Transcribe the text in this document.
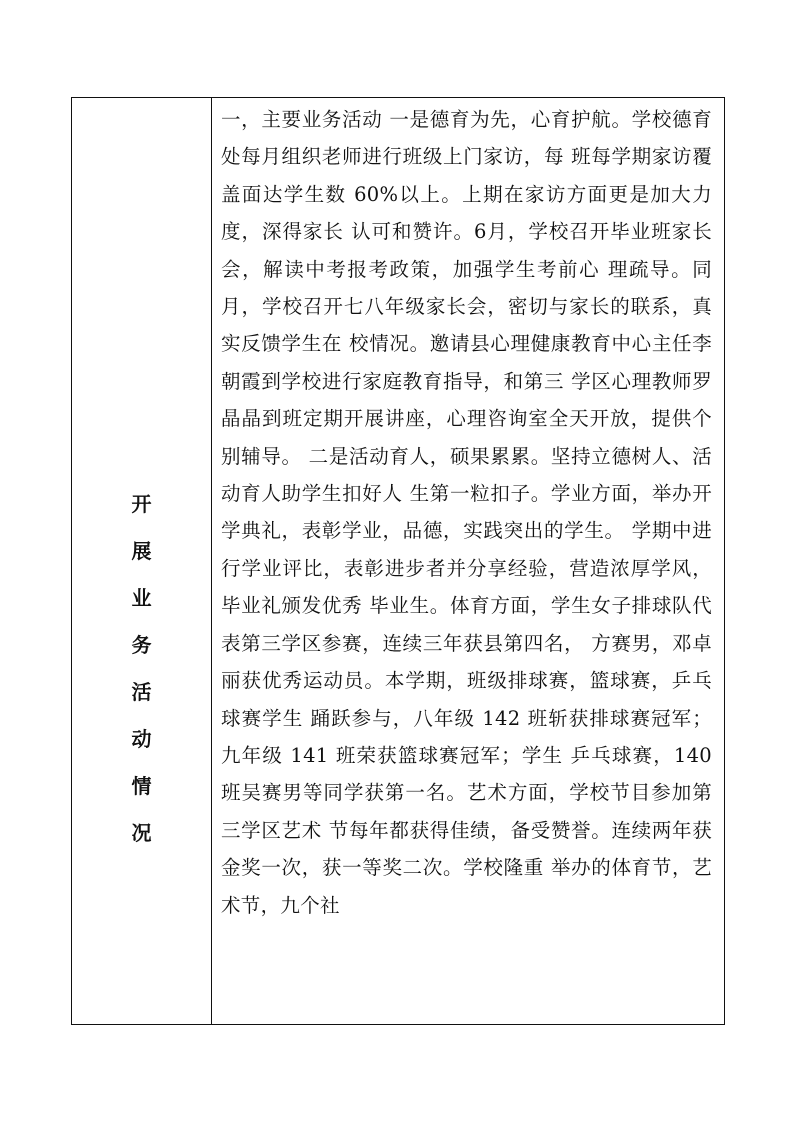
开
展
业
务
活
动
情
况

一，主要业务活动 一是德育为先，心育护航。学校德育处每月组织老师进行班级上门家访，每 班每学期家访覆盖面达学生数 60%以上。上期在家访方面更是加大力度，深得家长 认可和赞许。6月，学校召开毕业班家长会，解读中考报考政策，加强学生考前心 理疏导。同月，学校召开七八年级家长会，密切与家长的联系，真实反馈学生在 校情况。邀请县心理健康教育中心主任李朝霞到学校进行家庭教育指导，和第三 学区心理教师罗晶晶到班定期开展讲座，心理咨询室全天开放，提供个别辅导。 二是活动育人，硕果累累。坚持立德树人、活动育人助学生扣好人 生第一粒扣子。学业方面，举办开学典礼，表彰学业，品德，实践突出的学生。 学期中进行学业评比，表彰进步者并分享经验，营造浓厚学风，毕业礼颁发优秀 毕业生。体育方面，学生女子排球队代表第三学区参赛，连续三年获县第四名， 方赛男，邓卓丽获优秀运动员。本学期，班级排球赛，篮球赛，乒乓球赛学生 踊跃参与，八年级 142 班斩获排球赛冠军；九年级 141 班荣获篮球赛冠军；学生 乒乓球赛，140 班吴赛男等同学获第一名。艺术方面，学校节目参加第三学区艺术 节每年都获得佳绩，备受赞誉。连续两年获金奖一次，获一等奖二次。学校隆重 举办的体育节，艺术节，九个社
